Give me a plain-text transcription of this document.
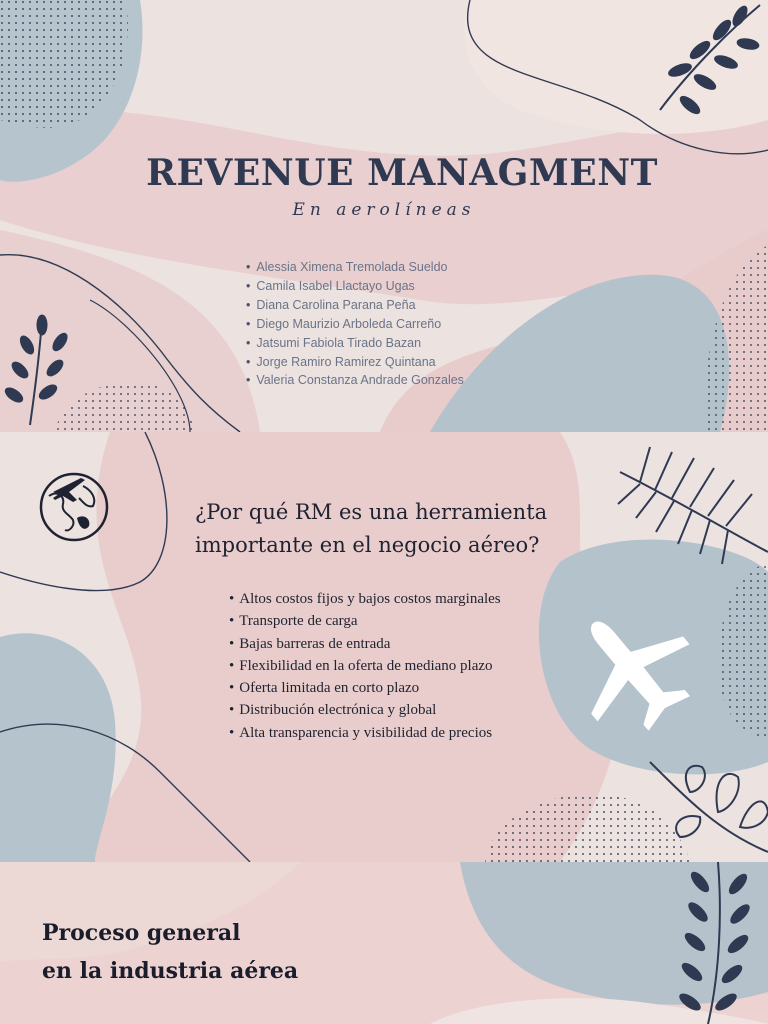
REVENUE MANAGMENT

En aerolíneas

• Alessia Ximena Tremolada Sueldo
• Camila Isabel Llactayo Ugas
• Diana Carolina Parana Peña
• Diego Maurizio Arboleda Carreño
• Jatsumi Fabiola Tirado Bazan
• Jorge Ramiro Ramirez Quintana
• Valeria Constanza Andrade Gonzales
¿Por qué RM es una herramienta importante en el negocio aéreo?
• Altos costos fijos y bajos costos marginales
• Transporte de carga
• Bajas barreras de entrada
• Flexibilidad en la oferta de mediano plazo
• Oferta limitada en corto plazo
• Distribución electrónica y global
• Alta transparencia y visibilidad de precios
Proceso general
en la industria aérea
